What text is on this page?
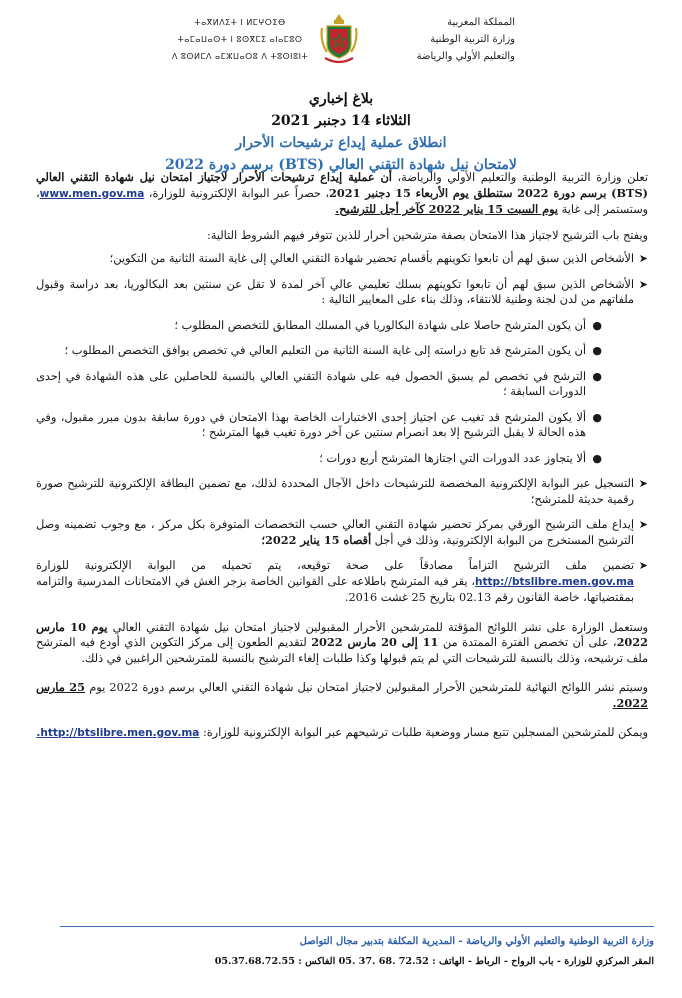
ⵜⴰⴳⵍⴷⵉⵜ ⵏ ⵍⵎⵖⵔⵉⴱ
ⵜⴰⵎⴰⵡⴰⵙⵜ ⵏ ⵓⵙⴳⵎⵉ ⴰⵏⴰⵎⵓⵔ
ⴷ ⵓⵙⵍⵎⴷ ⴰⵎⵣⵡⴰⵔⵓ ⴷ ⵜⵓⵙⵏⵓⵏⵜ
المملكة المغربية
وزارة التربية الوطنية
والتعليم الأولي والرياضة
بلاغ إخباري
الثلاثاء 14 دجنبر 2021
انطلاق عملية إيداع ترشيحات الأحرار
لامتحان نيل شهادة التقني العالي (BTS) برسم دورة 2022

تعلن وزارة التربية الوطنية والتعليم الأولي والرياضة، أن عملية إيداع ترشيحات الأحرار لاجتياز امتحان نيل شهادة التقني العالي (BTS) برسم دورة 2022 ستنطلق يوم الأربعاء 15 دجنبر 2021، حصراً عبر البوابة الإلكترونية للوزارة، www.men.gov.ma، وستستمر إلى غاية يوم السبت 15 يناير 2022 كآخر أجل للترشيح.

ويفتح باب الترشيح لاجتياز هذا الامتحان بصفة مترشحين أحرار للذين تتوفر فيهم الشروط التالية:

➤
الأشخاص الذين سبق لهم أن تابعوا تكوينهم بأقسام تحضير شهادة التقني العالي إلى غاية السنة الثانية من التكوين؛

➤
الأشخاص الذين سبق لهم أن تابعوا تكوينهم بسلك تعليمي عالي آخر لمدة لا تقل عن سنتين بعد البكالوريا، بعد دراسة وقبول ملفاتهم من لدن لجنة وطنية للانتقاء، وذلك بناء على المعايير التالية :

●
أن يكون المترشح حاصلا على شهادة البكالوريا في المسلك المطابق للتخصص المطلوب ؛

●
أن يكون المترشح قد تابع دراسته إلى غاية السنة الثانية من التعليم العالي في تخصص يوافق التخصص المطلوب ؛

●
الترشح في تخصص لم يسبق الحصول فيه على شهادة التقني العالي بالنسبة للحاصلين على هذه الشهادة في إحدى الدورات السابقة ؛

●
ألا يكون المترشح قد تغيب عن اجتياز إحدى الاختبارات الخاصة بهذا الامتحان في دورة سابقة بدون مبرر مقبول، وفي هذه الحالة لا يقبل الترشيح إلا بعد انصرام سنتين عن آخر دورة تغيب فيها المترشح ؛

●
ألا يتجاوز عدد الدورات التي اجتازها المترشح أربع دورات ؛

➤
التسجيل عبر البوابة الإلكترونية المخصصة للترشيحات داخل الآجال المحددة لذلك، مع تضمين البطاقة الإلكترونية للترشيح صورة رقمية حديثة للمترشح؛

➤
إيداع ملف الترشيح الورقي بمركز تحضير شهادة التقني العالي حسب التخصصات المتوفرة بكل مركز ، مع وجوب تضمينه وصل الترشيح المستخرج من البوابة الإلكترونية، وذلك في أجل أقصاه 15 يناير 2022؛

➤
تضمين ملف الترشيح التزاماً مصادقاً على صحة توقيعه، يتم تحميله من البوابة الإلكترونية للوزارة http://btslibre.men.gov.ma، يقر فيه المترشح باطلاعه على القوانين الخاصة بزجر الغش في الامتحانات المدرسية والتزامه بمقتضياتها، خاصة القانون رقم 02.13 بتاريخ 25 غشت 2016.

وستعمل الوزارة على نشر اللوائح المؤقتة للمترشحين الأحرار المقبولين لاجتياز امتحان نيل شهادة التقني العالي يوم 10 مارس 2022، على أن تخصص الفترة الممتدة من 11 إلى 20 مارس 2022 لتقديم الطعون إلى مركز التكوين الذي أودع فيه المترشح ملف ترشيحه، وذلك بالنسبة للترشيحات التي لم يتم قبولها وكذا طلبات إلغاء الترشيح بالنسبة للمترشحين الراغبين في ذلك.

وسيتم نشر اللوائح النهائية للمترشحين الأحرار المقبولين لاجتياز امتحان نيل شهادة التقني العالي برسم دورة 2022 يوم 25 مارس 2022.

ويمكن للمترشحين المسجلين تتبع مسار ووضعية طلبات ترشيحهم عبر البوابة الإلكترونية للوزارة: http://btslibre.men.gov.ma.

وزارة التربية الوطنية والتعليم الأولي والرياضة - المديرية المكلفة بتدبير مجال التواصل
المقر المركزي للوزارة - باب الرواح - الرباط - الهاتف : 72.52 .68 .37 .05 الفاكس : 05.37.68.72.55
